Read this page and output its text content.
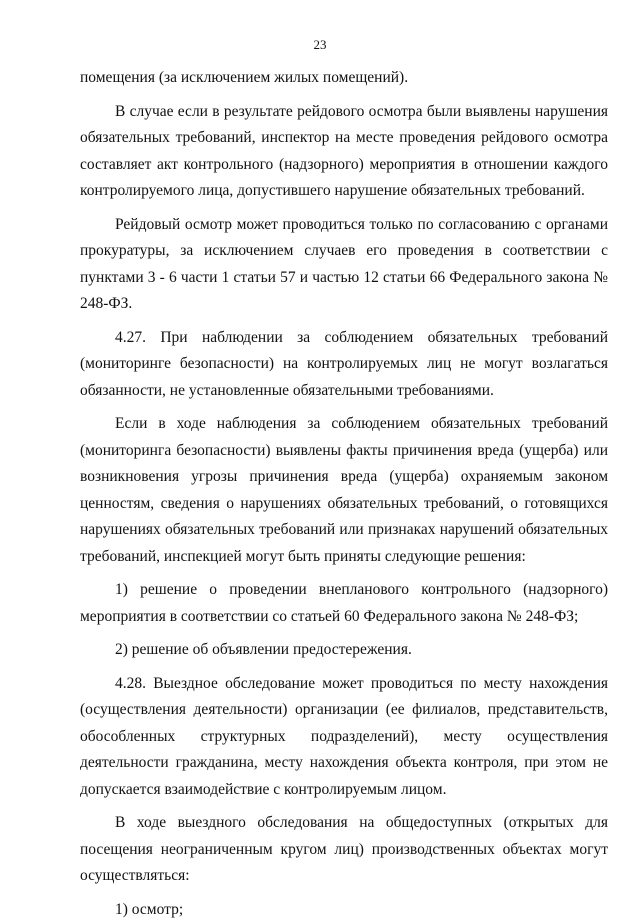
23

помещения (за исключением жилых помещений).

В случае если в результате рейдового осмотра были выявлены нарушения обязательных требований, инспектор на месте проведения рейдового осмотра составляет акт контрольного (надзорного) мероприятия в отношении каждого контролируемого лица, допустившего нарушение обязательных требований.

Рейдовый осмотр может проводиться только по согласованию с органами прокуратуры, за исключением случаев его проведения в соответствии с пунктами 3 - 6 части 1 статьи 57 и частью 12 статьи 66 Федерального закона № 248-ФЗ.

4.27. При наблюдении за соблюдением обязательных требований (мониторинге безопасности) на контролируемых лиц не могут возлагаться обязанности, не установленные обязательными требованиями.

Если в ходе наблюдения за соблюдением обязательных требований (мониторинга безопасности) выявлены факты причинения вреда (ущерба) или возникновения угрозы причинения вреда (ущерба) охраняемым законом ценностям, сведения о нарушениях обязательных требований, о готовящихся нарушениях обязательных требований или признаках нарушений обязательных требований, инспекцией могут быть приняты следующие решения:

1) решение о проведении внепланового контрольного (надзорного) мероприятия в соответствии со статьей 60 Федерального закона № 248-ФЗ;

2) решение об объявлении предостережения.

4.28. Выездное обследование может проводиться по месту нахождения (осуществления деятельности) организации (ее филиалов, представительств, обособленных структурных подразделений), месту осуществления деятельности гражданина, месту нахождения объекта контроля, при этом не допускается взаимодействие с контролируемым лицом.

В ходе выездного обследования на общедоступных (открытых для посещения неограниченным кругом лиц) производственных объектах могут осуществляться:

1) осмотр;
